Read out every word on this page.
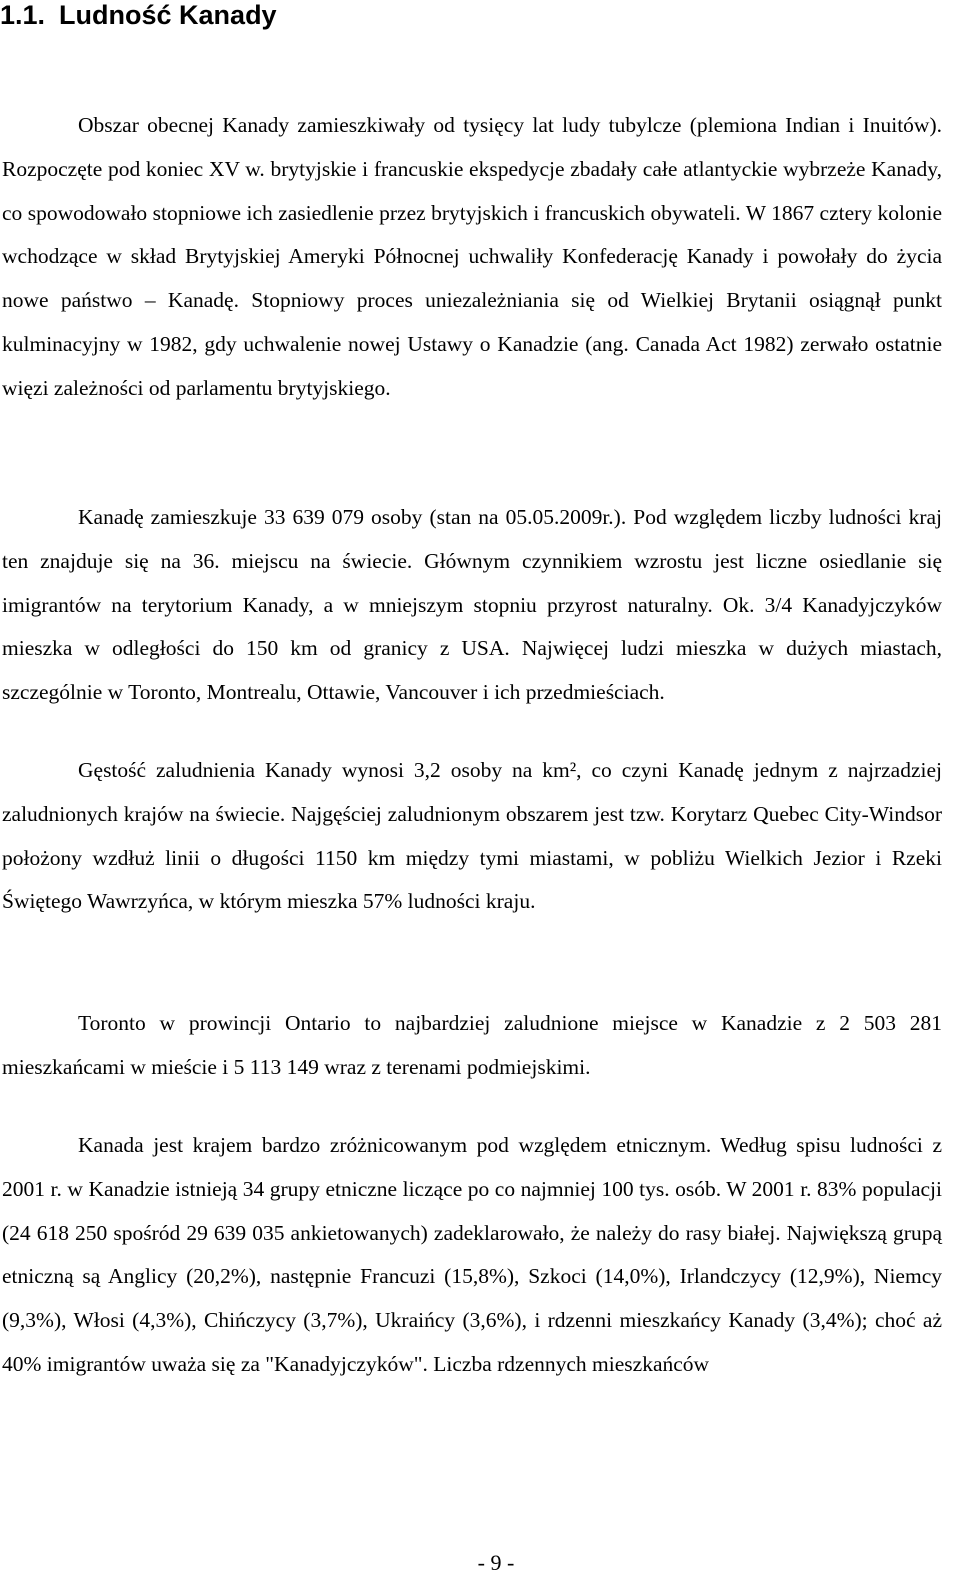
1.1. Ludność Kanady

Obszar obecnej Kanady zamieszkiwały od tysięcy lat ludy tubylcze (plemiona Indian i Inuitów). Rozpoczęte pod koniec XV w. brytyjskie i francuskie ekspedycje zbadały całe atlantyckie wybrzeże Kanady, co spowodowało stopniowe ich zasiedlenie przez brytyjskich i francuskich obywateli. W 1867 cztery kolonie wchodzące w skład Brytyjskiej Ameryki Północnej uchwaliły Konfederację Kanady i powołały do życia nowe państwo – Kanadę. Stopniowy proces uniezależniania się od Wielkiej Brytanii osiągnął punkt kulminacyjny w 1982, gdy uchwalenie nowej Ustawy o Kanadzie (ang. Canada Act 1982) zerwało ostatnie więzi zależności od parlamentu brytyjskiego.

Kanadę zamieszkuje 33 639 079 osoby (stan na 05.05.2009r.). Pod względem liczby ludności kraj ten znajduje się na 36. miejscu na świecie. Głównym czynnikiem wzrostu jest liczne osiedlanie się imigrantów na terytorium Kanady, a w mniejszym stopniu przyrost naturalny. Ok. 3/4 Kanadyjczyków mieszka w odległości do 150 km od granicy z USA. Najwięcej ludzi mieszka w dużych miastach, szczególnie w Toronto, Montrealu, Ottawie, Vancouver i ich przedmieściach.

Gęstość zaludnienia Kanady wynosi 3,2 osoby na km², co czyni Kanadę jednym z najrzadziej zaludnionych krajów na świecie. Najgęściej zaludnionym obszarem jest tzw. Korytarz Quebec City-Windsor położony wzdłuż linii o długości 1150 km między tymi miastami, w pobliżu Wielkich Jezior i Rzeki Świętego Wawrzyńca, w którym mieszka 57% ludności kraju.

Toronto w prowincji Ontario to najbardziej zaludnione miejsce w Kanadzie z 2 503 281 mieszkańcami w mieście i 5 113 149 wraz z terenami podmiejskimi.

Kanada jest krajem bardzo zróżnicowanym pod względem etnicznym. Według spisu ludności z 2001 r. w Kanadzie istnieją 34 grupy etniczne liczące po co najmniej 100 tys. osób. W 2001 r. 83% populacji (24 618 250 spośród 29 639 035 ankietowanych) zadeklarowało, że należy do rasy białej. Największą grupą etniczną są Anglicy (20,2%), następnie Francuzi (15,8%), Szkoci (14,0%), Irlandczycy (12,9%), Niemcy (9,3%), Włosi (4,3%), Chińczycy (3,7%), Ukraińcy (3,6%), i rdzenni mieszkańcy Kanady (3,4%); choć aż 40% imigrantów uważa się za "Kanadyjczyków". Liczba rdzennych mieszkańców

- 9 -
